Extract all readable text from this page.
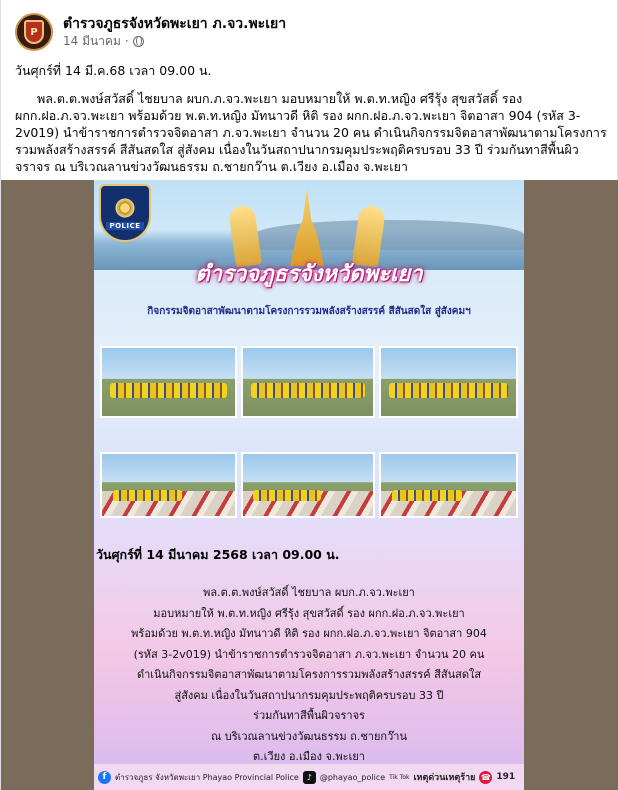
P	ตำรวจภูธรจังหวัดพะเยา ภ.จว.พะเยา
14 มีนาคม ·
วันศุกร์ที่ 14 มี.ค.68 เวลา 09.00 น.
พล.ต.ต.พงษ์สวัสดิ์ ไชยบาล ผบก.ภ.จว.พะเยา มอบหมายให้ พ.ต.ท.หญิง ศรีรุ้ง สุขสวัสดิ์ รอง ผกก.ฝอ.ภ.จว.พะเยา พร้อมด้วย พ.ต.ท.หญิง มัทนาวดี หิติ รอง ผกก.ฝอ.ภ.จว.พะเยา จิตอาสา 904 (รหัส 3-2v019) นำข้าราชการตำรวจจิตอาสา ภ.จว.พะเยา จำนวน 20 คน ดำเนินกิจกรรมจิตอาสาพัฒนาตามโครงการรวมพลังสร้างสรรค์ สีสันสดใส สู่สังคม เนื่องในวันสถาปนากรมคุมประพฤติครบรอบ 33 ปี ร่วมกันทาสีพื้นผิวจราจร ณ บริเวณลานข่วงวัฒนธรรม ถ.ชายกว๊าน ต.เวียง อ.เมือง จ.พะเยา
POLICE
ตำรวจภูธรจังหวัดพะเยา
กิจกรรมจิตอาสาพัฒนาตามโครงการรวมพลังสร้างสรรค์ สีสันสดใส สู่สังคมฯ
วันศุกร์ที่ 14 มีนาคม 2568 เวลา 09.00 น.
พล.ต.ต.พงษ์สวัสดิ์ ไชยบาล ผบก.ภ.จว.พะเยา
มอบหมายให้ พ.ต.ท.หญิง ศรีรุ้ง สุขสวัสดิ์ รอง ผกก.ฝอ.ภ.จว.พะเยา
พร้อมด้วย พ.ต.ท.หญิง มัทนาวดี หิติ รอง ผกก.ฝอ.ภ.จว.พะเยา จิตอาสา 904
(รหัส 3-2v019) นำข้าราชการตำรวจจิตอาสา ภ.จว.พะเยา จำนวน 20 คน
ดำเนินกิจกรรมจิตอาสาพัฒนาตามโครงการรวมพลังสร้างสรรค์ สีสันสดใส
สู่สังคม เนื่องในวันสถาปนากรมคุมประพฤติครบรอบ 33 ปี
ร่วมกันทาสีพื้นผิวจราจร
ณ บริเวณลานข่วงวัฒนธรรม ถ.ชายกว๊าน
ต.เวียง อ.เมือง จ.พะเยา
f	ตำรวจภูธร จังหวัดพะเยา Phayao Provincial Police ♪ @phayao_police Tik Tok เหตุด่วนเหตุร้าย ☎ 191
